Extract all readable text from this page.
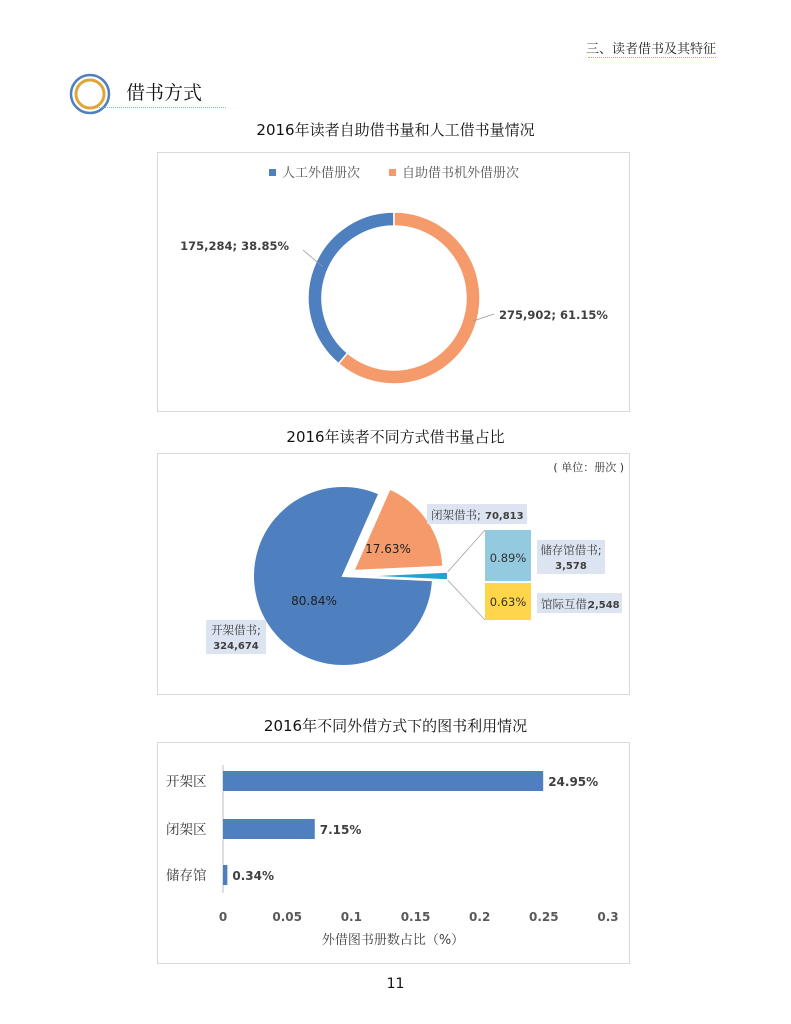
三、读者借书及其特征
借书方式
2016年读者自助借书量和人工借书量情况
人工外借册次	自助借书机外借册次
175,284; 38.85%
275,902; 61.15%
2016年读者不同方式借书量占比
( 单位：册次 )
0.89%
0.63%
80.84%
17.63%
闭架借书; 70,813
储存馆借书;
3,578
馆际互借;
2,548
开架借书;
324,674
2016年不同外借方式下的图书利用情况
24.95%
开架区
7.15%
闭架区
0.34%
储存馆
0	0.05	0.1	0.15	0.2	0.25	0.3
外借图书册数占比（%）
11
